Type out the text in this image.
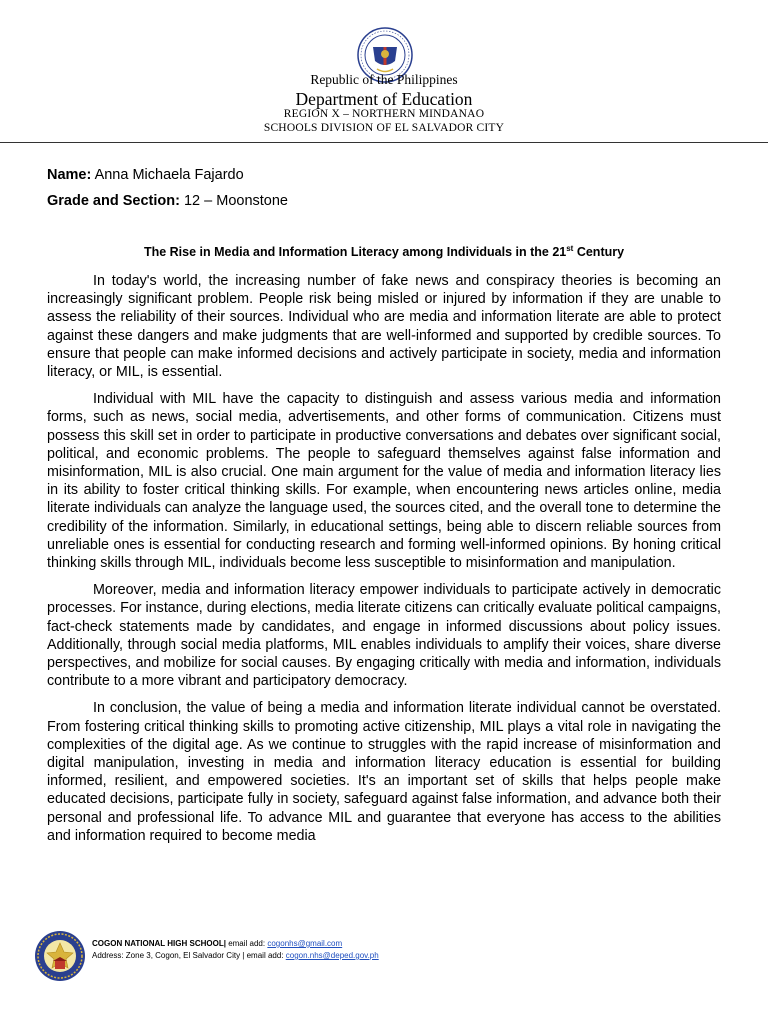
Republic of the Philippines
Department of Education
REGION X – NORTHERN MINDANAO
SCHOOLS DIVISION OF EL SALVADOR CITY
Name: Anna Michaela Fajardo
Grade and Section: 12 – Moonstone
The Rise in Media and Information Literacy among Individuals in the 21st Century

In today's world, the increasing number of fake news and conspiracy theories is becoming an increasingly significant problem. People risk being misled or injured by information if they are unable to assess the reliability of their sources. Individual who are media and information literate are able to protect against these dangers and make judgments that are well-informed and supported by credible sources. To ensure that people can make informed decisions and actively participate in society, media and information literacy, or MIL, is essential.

Individual with MIL have the capacity to distinguish and assess various media and information forms, such as news, social media, advertisements, and other forms of communication. Citizens must possess this skill set in order to participate in productive conversations and debates over significant social, political, and economic problems. The people to safeguard themselves against false information and misinformation, MIL is also crucial. One main argument for the value of media and information literacy lies in its ability to foster critical thinking skills. For example, when encountering news articles online, media literate individuals can analyze the language used, the sources cited, and the overall tone to determine the credibility of the information. Similarly, in educational settings, being able to discern reliable sources from unreliable ones is essential for conducting research and forming well-informed opinions. By honing critical thinking skills through MIL, individuals become less susceptible to misinformation and manipulation.

Moreover, media and information literacy empower individuals to participate actively in democratic processes. For instance, during elections, media literate citizens can critically evaluate political campaigns, fact-check statements made by candidates, and engage in informed discussions about policy issues. Additionally, through social media platforms, MIL enables individuals to amplify their voices, share diverse perspectives, and mobilize for social causes. By engaging critically with media and information, individuals contribute to a more vibrant and participatory democracy.

In conclusion, the value of being a media and information literate individual cannot be overstated. From fostering critical thinking skills to promoting active citizenship, MIL plays a vital role in navigating the complexities of the digital age. As we continue to struggles with the rapid increase of misinformation and digital manipulation, investing in media and information literacy education is essential for building informed, resilient, and empowered societies. It's an important set of skills that helps people make educated decisions, participate fully in society, safeguard against false information, and advance both their personal and professional life. To advance MIL and guarantee that everyone has access to the abilities and information required to become media

COGON NATIONAL HIGH SCHOOL| email add: cogonhs@gmail.com
Address: Zone 3, Cogon, El Salvador City | email add: cogon.nhs@deped.gov.ph
